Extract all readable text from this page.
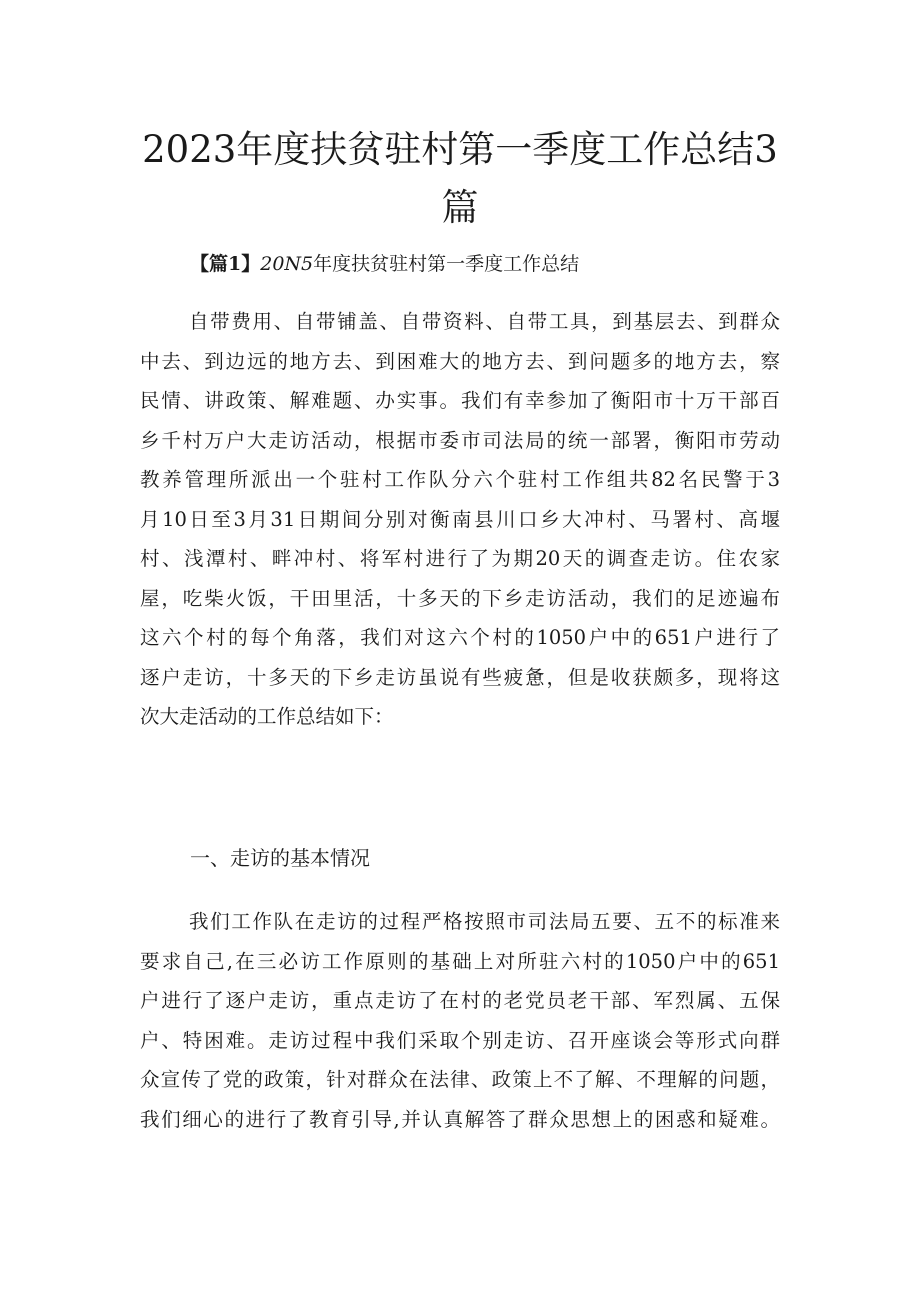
2023年度扶贫驻村第一季度工作总结3
篇
【篇1】20N5年度扶贫驻村第一季度工作总结
自带费用、自带铺盖、自带资料、自带工具，到基层去、到群众
中去、到边远的地方去、到困难大的地方去、到问题多的地方去，察
民情、讲政策、解难题、办实事。我们有幸参加了衡阳市十万干部百
乡千村万户大走访活动，根据市委市司法局的统一部署，衡阳市劳动
教养管理所派出一个驻村工作队分六个驻村工作组共82名民警于3
月10日至3月31日期间分别对衡南县川口乡大冲村、马署村、高堰
村、浅潭村、畔冲村、将军村进行了为期20天的调查走访。住农家
屋，吃柴火饭，干田里活，十多天的下乡走访活动，我们的足迹遍布
这六个村的每个角落，我们对这六个村的1050户中的651户进行了
逐户走访，十多天的下乡走访虽说有些疲惫，但是收获颇多，现将这
次大走活动的工作总结如下：
一、走访的基本情况
我们工作队在走访的过程严格按照市司法局五要、五不的标准来
要求自己,在三必访工作原则的基础上对所驻六村的1050户中的651
户进行了逐户走访，重点走访了在村的老党员老干部、军烈属、五保
户、特困难。走访过程中我们采取个别走访、召开座谈会等形式向群
众宣传了党的政策，针对群众在法律、政策上不了解、不理解的问题，
我们细心的进行了教育引导,并认真解答了群众思想上的困惑和疑难。
